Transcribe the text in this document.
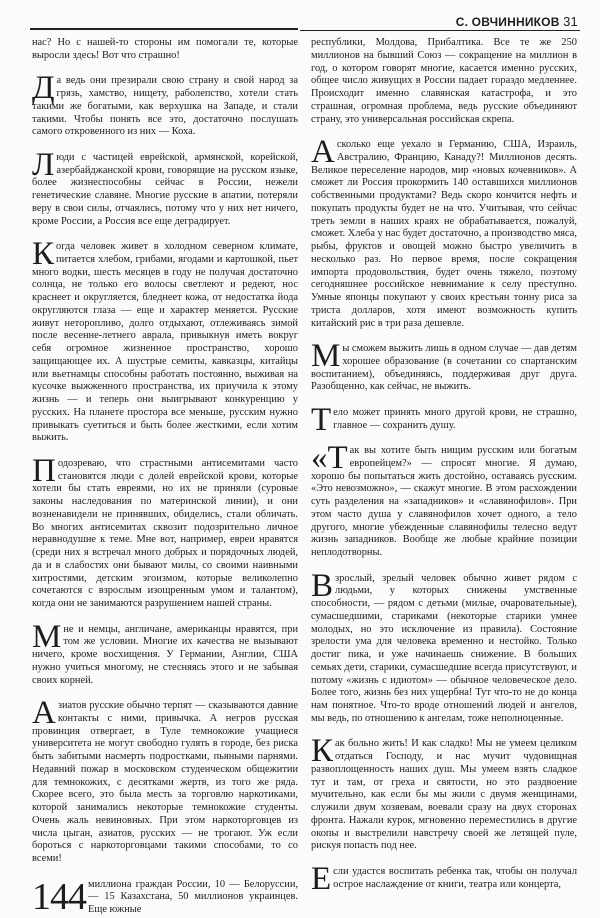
С. ОВЧИННИКОВ 31

нас? Но с нашей-то стороны им помогали те, которые выросли здесь! Вот что страшно!

Да ведь они презирали свою страну и свой народ за грязь, хамство, нищету, раболепство, хотели стать такими же богатыми, как верхушка на Западе, и стали такими. Чтобы понять все это, достаточно послушать самого откровенного из них — Коха.

Люди с частицей еврейской, армянской, корейской, азербайджанской крови, говорящие на русском языке, более жизнеспособны сейчас в России, нежели генетические славяне. Многие русские в апатии, потеряли веру в свои силы, отчаялись, потому что у них нет ничего, кроме России, а Россия все еще деградирует.

Когда человек живет в холодном северном климате, питается хлебом, грибами, ягодами и картошкой, пьет много водки, шесть месяцев в году не получая достаточно солнца, не только его волосы светлеют и редеют, нос краснеет и округляется, бледнеет кожа, от недостатка йода округляются глаза — еще и характер меняется. Русские живут неторопливо, долго отдыхают, отлеживаясь зимой после весенне-летнего аврала, привыкнув иметь вокруг себя огромное жизненное пространство, хорошо защищающее их. А шустрые семиты, кавказцы, китайцы или вьетнамцы способны работать постоянно, выживая на кусочке выжженного пространства, их приучила к этому жизнь — и теперь они выигрывают конкуренцию у русских. На планете простора все меньше, русским нужно привыкать суетиться и быть более жесткими, если хотим выжить.

Подозреваю, что страстными антисемитами часто становятся люди с долей еврейской крови, которые хотели бы стать евреями, но их не приняли (суровые законы наследования по материнской линии), и они возненавидели не принявших, обиделись, стали обличать. Во многих антисемитах сквозит подозрительно личное неравнодушие к теме. Мне вот, например, евреи нравятся (среди них я встречал много добрых и порядочных людей, да и в слабостях они бывают милы, со своими наивными хитростями, детским эгоизмом, которые великолепно сочетаются с взрослым изощренным умом и талантом), когда они не занимаются разрушением нашей страны.

Мне и немцы, англичане, американцы нравятся, при том же условии. Многие их качества не вызывают ничего, кроме восхищения. У Германии, Англии, США нужно учиться многому, не стесняясь этого и не забывая своих корней.

Азиатов русские обычно терпят — сказываются давние контакты с ними, привычка. А негров русская провинция отвергает, в Туле темнокожие учащиеся университета не могут свободно гулять в городе, без риска быть забитыми насмерть подростками, пьяными парнями. Недавний пожар в московском студенческом общежитии для темнокожих, с десятками жертв, из того же ряда. Скорее всего, это была месть за торговлю наркотиками, которой занимались некоторые темнокожие студенты. Очень жаль невиновных. При этом наркоторговцев из числа цыган, азиатов, русских — не трогают. Уж если бороться с наркоторговцами такими способами, то со всеми!

144 миллиона граждан России, 10 — Белоруссии, — 15 Казахстана, 50 миллионов украинцев. Еще южные

республики, Молдова, Прибалтика. Все те же 250 миллионов на бывший Союз — сокращение на миллион в год, о котором говорят многие, касается именно русских, общее число живущих в России падает гораздо медленнее. Происходит именно славянская катастрофа, и это страшная, огромная проблема, ведь русские объединяют страну, это универсальная российская скрепа.

Асколько еще уехало в Германию, США, Израиль, Австралию, Францию, Канаду?! Миллионов десять. Великое переселение народов, мир «новых кочевников». А сможет ли Россия прокормить 140 оставшихся миллионов собственными продуктами? Ведь скоро кончится нефть и покупать продукты будет не на что. Учитывая, что сейчас треть земли в наших краях не обрабатывается, пожалуй, сможет. Хлеба у нас будет достаточно, а производство мяса, рыбы, фруктов и овощей можно быстро увеличить в несколько раз. Но первое время, после сокращения импорта продовольствия, будет очень тяжело, поэтому сегодняшнее российское невнимание к селу преступно. Умные японцы покупают у своих крестьян тонну риса за триста долларов, хотя имеют возможность купить китайский рис в три раза дешевле.

Мы сможем выжить лишь в одном случае — дав детям хорошее образование (в сочетании со спартанским воспитанием), объединяясь, поддерживая друг друга. Разобщенно, как сейчас, не выжить.

Тело может принять много другой крови, не страшно, главное — сохранить душу.

«Так вы хотите быть нищим русским или богатым европейцем?» — спросят многие. Я думаю, хорошо бы попытаться жить достойно, оставаясь русским. «Это невозможно», — скажут многие. В этом расхождении суть разделения на «западников» и «славянофилов». При этом часто душа у славянофилов хочет одного, а тело другого, многие убежденные славянофилы телесно ведут жизнь западников. Вообще же любые крайние позиции неплодотворны.

Взрослый, зрелый человек обычно живет рядом с людьми, у которых снижены умственные способности, — рядом с детьми (милые, очаровательные), сумасшедшими, стариками (некоторые старики умнее молодых, но это исключение из правила). Состояние зрелости ума для человека временно и нестойко. Только достиг пика, и уже начинаешь снижение. В больших семьях дети, старики, сумасшедшие всегда присутствуют, и потому «жизнь с идиотом» — обычное человеческое дело. Более того, жизнь без них ущербна! Тут что-то не до конца нам понятное. Что-то вроде отношений людей и ангелов, мы ведь, по отношению к ангелам, тоже неполноценные.

Как больно жить! И как сладко! Мы не умеем целиком отдаться Господу, и нас мучит чудовищная развоплощенность наших душ. Мы умеем взять сладкое тут и там, от греха и святости, но это раздвоение мучительно, как если бы мы жили с двумя женщинами, служили двум хозяевам, воевали сразу на двух сторонах фронта. Нажали курок, мгновенно переместились в другие окопы и выстрелили навстречу своей же летящей пуле, рискуя попасть под нее.

Если удастся воспитать ребенка так, чтобы он получал острое наслаждение от книги, театра или концерта,
